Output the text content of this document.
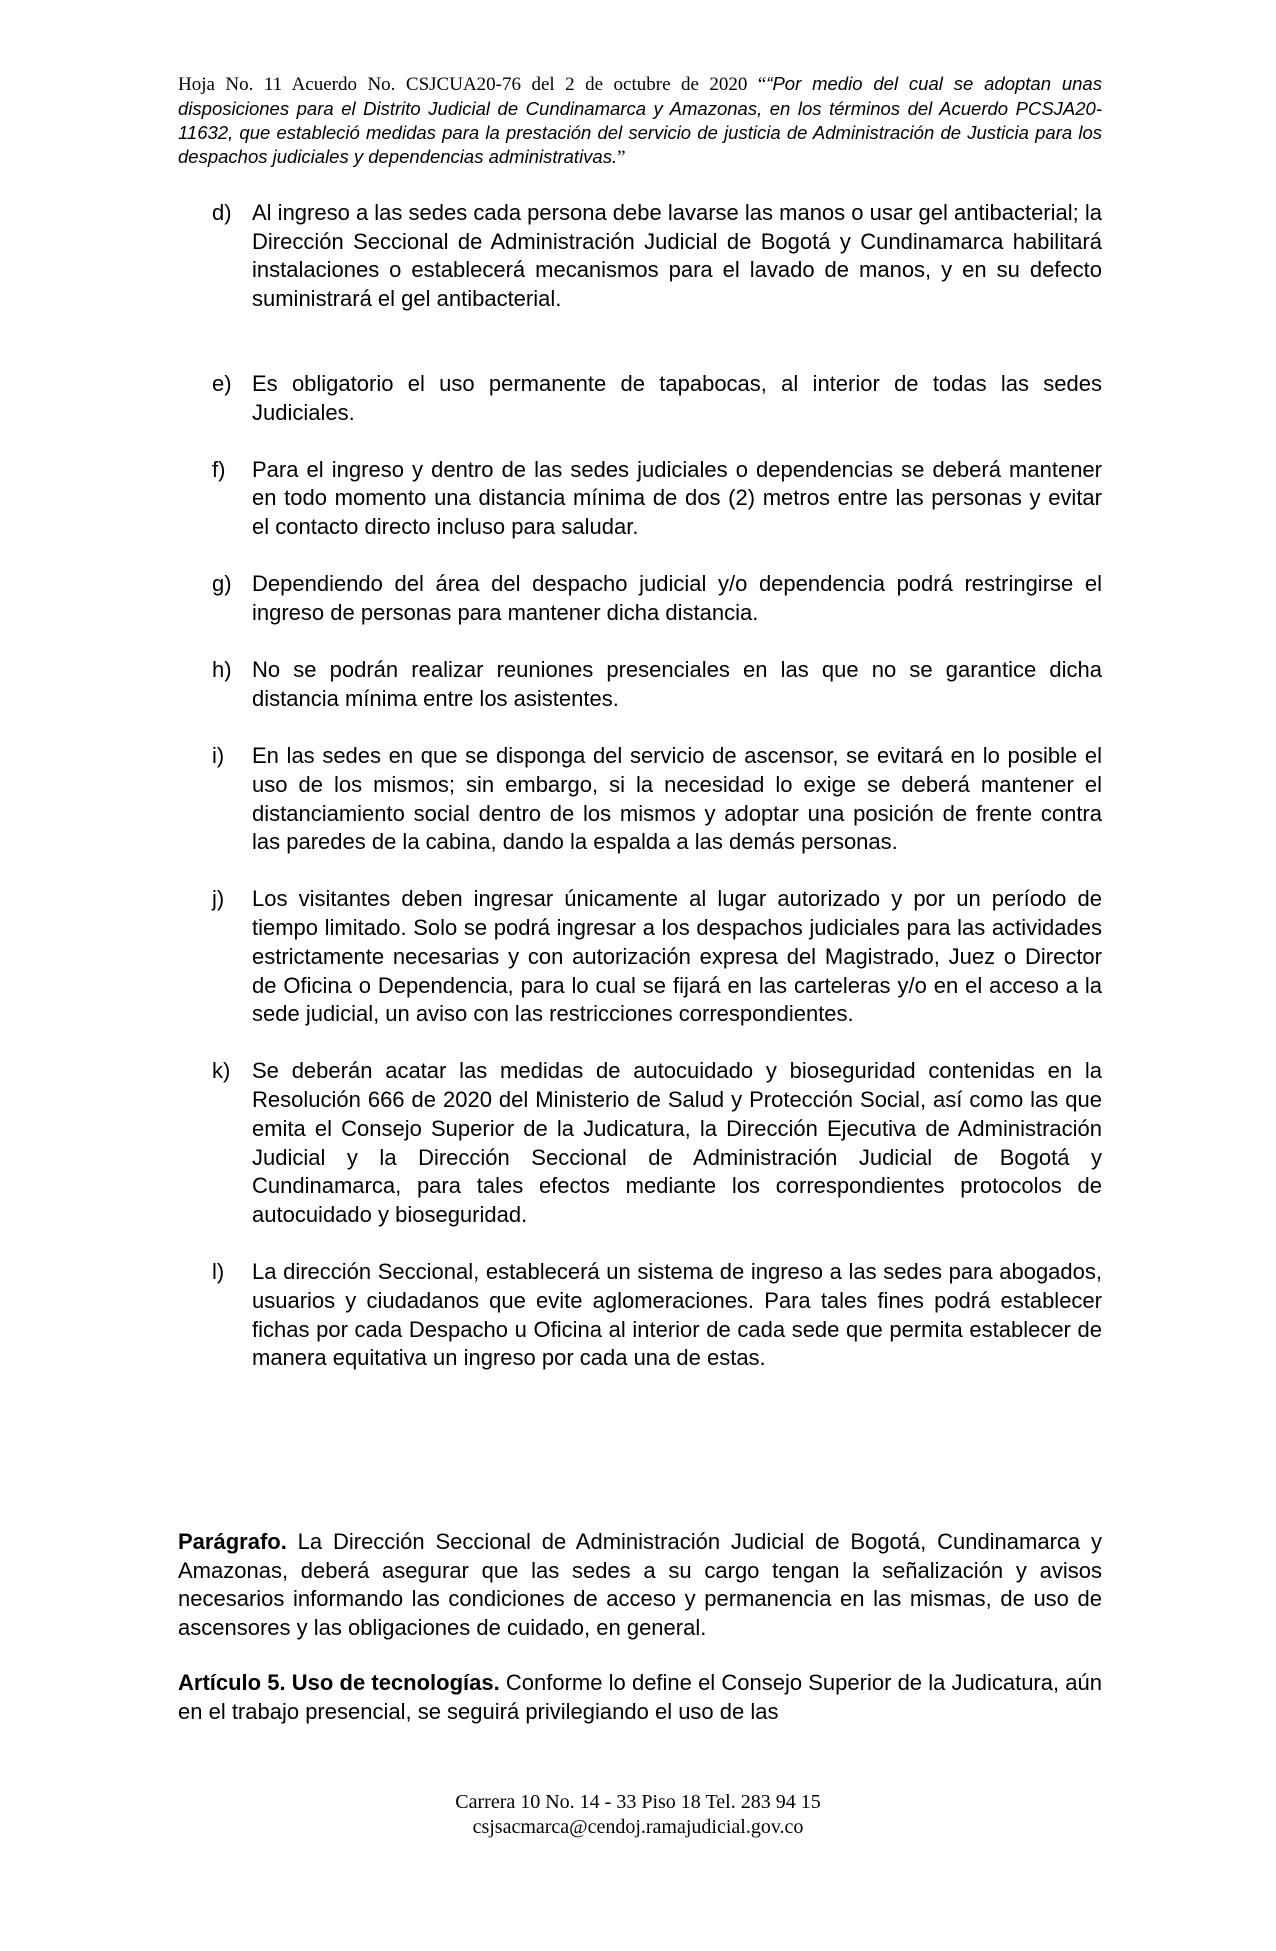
Hoja No. 11 Acuerdo No. CSJCUA20-76 del 2 de octubre de 2020 ““Por medio del cual se adoptan unas disposiciones para el Distrito Judicial de Cundinamarca y Amazonas, en los términos del Acuerdo PCSJA20-11632, que estableció medidas para la prestación del servicio de justicia de Administración de Justicia para los despachos judiciales y dependencias administrativas.”
d) Al ingreso a las sedes cada persona debe lavarse las manos o usar gel antibacterial; la Dirección Seccional de Administración Judicial de Bogotá y Cundinamarca habilitará instalaciones o establecerá mecanismos para el lavado de manos, y en su defecto suministrará el gel antibacterial.
e) Es obligatorio el uso permanente de tapabocas, al interior de todas las sedes Judiciales.
f) Para el ingreso y dentro de las sedes judiciales o dependencias se deberá mantener en todo momento una distancia mínima de dos (2) metros entre las personas y evitar el contacto directo incluso para saludar.
g) Dependiendo del área del despacho judicial y/o dependencia podrá restringirse el ingreso de personas para mantener dicha distancia.
h) No se podrán realizar reuniones presenciales en las que no se garantice dicha distancia mínima entre los asistentes.
i) En las sedes en que se disponga del servicio de ascensor, se evitará en lo posible el uso de los mismos; sin embargo, si la necesidad lo exige se deberá mantener el distanciamiento social dentro de los mismos y adoptar una posición de frente contra las paredes de la cabina, dando la espalda a las demás personas.
j) Los visitantes deben ingresar únicamente al lugar autorizado y por un período de tiempo limitado. Solo se podrá ingresar a los despachos judiciales para las actividades estrictamente necesarias y con autorización expresa del Magistrado, Juez o Director de Oficina o Dependencia, para lo cual se fijará en las carteleras y/o en el acceso a la sede judicial, un aviso con las restricciones correspondientes.
k) Se deberán acatar las medidas de autocuidado y bioseguridad contenidas en la Resolución 666 de 2020 del Ministerio de Salud y Protección Social, así como las que emita el Consejo Superior de la Judicatura, la Dirección Ejecutiva de Administración Judicial y la Dirección Seccional de Administración Judicial de Bogotá y Cundinamarca, para tales efectos mediante los correspondientes protocolos de autocuidado y bioseguridad.
l) La dirección Seccional, establecerá un sistema de ingreso a las sedes para abogados, usuarios y ciudadanos que evite aglomeraciones. Para tales fines podrá establecer fichas por cada Despacho u Oficina al interior de cada sede que permita establecer de manera equitativa un ingreso por cada una de estas.
Parágrafo. La Dirección Seccional de Administración Judicial de Bogotá, Cundinamarca y Amazonas, deberá asegurar que las sedes a su cargo tengan la señalización y avisos necesarios informando las condiciones de acceso y permanencia en las mismas, de uso de ascensores y las obligaciones de cuidado, en general.
Artículo 5. Uso de tecnologías. Conforme lo define el Consejo Superior de la Judicatura, aún en el trabajo presencial, se seguirá privilegiando el uso de las
Carrera 10 No. 14 - 33 Piso 18 Tel. 283 94 15
csjsacmarca@cendoj.ramajudicial.gov.co
